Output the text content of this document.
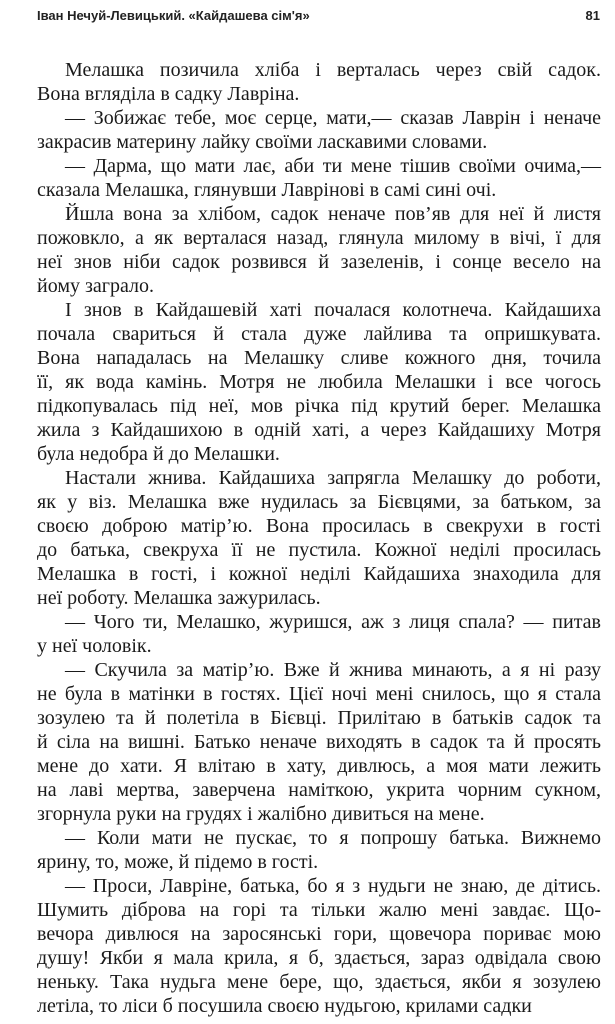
Іван Нечуй-Левицький. «Кайдашева сім'я»	81
Мелашка позичила хліба і верталась через свій садок.
Вона вгляділа в садку Лавріна.
— Зобижає тебе, моє серце, мати,— сказав Лаврін і неначе
закрасив материну лайку своїми ласкавими словами.
— Дарма, що мати лає, аби ти мене тішив своїми очима,—
сказала Мелашка, глянувши Лаврінові в самі сині очі.
Йшла вона за хлібом, садок неначе пов’яв для неї й листя
пожовкло, а як верталася назад, глянула милому в вічі, ї для
неї знов ніби садок розвився й зазеленів, і сонце весело на
йому заграло.
І знов в Кайдашевій хаті почалася колотнеча. Кайдашиха
почала свариться й стала дуже лайлива та опришкувата.
Вона нападалась на Мелашку сливе кожного дня, точила
її, як вода камінь. Мотря не любила Мелашки і все чогось
підкопувалась під неї, мов річка під крутий берег. Мелашка
жила з Кайдашихою в одній хаті, а через Кайдашиху Мотря
була недобра й до Мелашки.
Настали жнива. Кайдашиха запрягла Мелашку до роботи,
як у віз. Мелашка вже нудилась за Бієвцями, за батьком, за
своєю доброю матір’ю. Вона просилась в свекрухи в гості
до батька, свекруха її не пустила. Кожної неділі просилась
Мелашка в гості, і кожної неділі Кайдашиха знаходила для
неї роботу. Мелашка зажурилась.
— Чого ти, Мелашко, журишся, аж з лиця спала? — питав
у неї чоловік.
— Скучила за матір’ю. Вже й жнива минають, а я ні разу
не була в матінки в гостях. Цієї ночі мені снилось, що я стала
зозулею та й полетіла в Бієвці. Прилітаю в батьків садок та
й сіла на вишні. Батько неначе виходять в садок та й просять
мене до хати. Я влітаю в хату, дивлюсь, а моя мати лежить
на лаві мертва, заверчена наміткою, укрита чорним сукном,
згорнула руки на грудях і жалібно дивиться на мене.
— Коли мати не пускає, то я попрошу батька. Вижнемо
ярину, то, може, й підемо в гості.
— Проси, Лавріне, батька, бо я з нудьги не знаю, де дітись.
Шумить діброва на горі та тільки жалю мені завдає. Що-
вечора дивлюся на заросянські гори, щовечора пориває мою
душу! Якби я мала крила, я б, здається, зараз одвідала свою
неньку. Така нудьга мене бере, що, здається, якби я зозулею
летіла, то ліси б посушила своєю нудьгою, крилами садки
